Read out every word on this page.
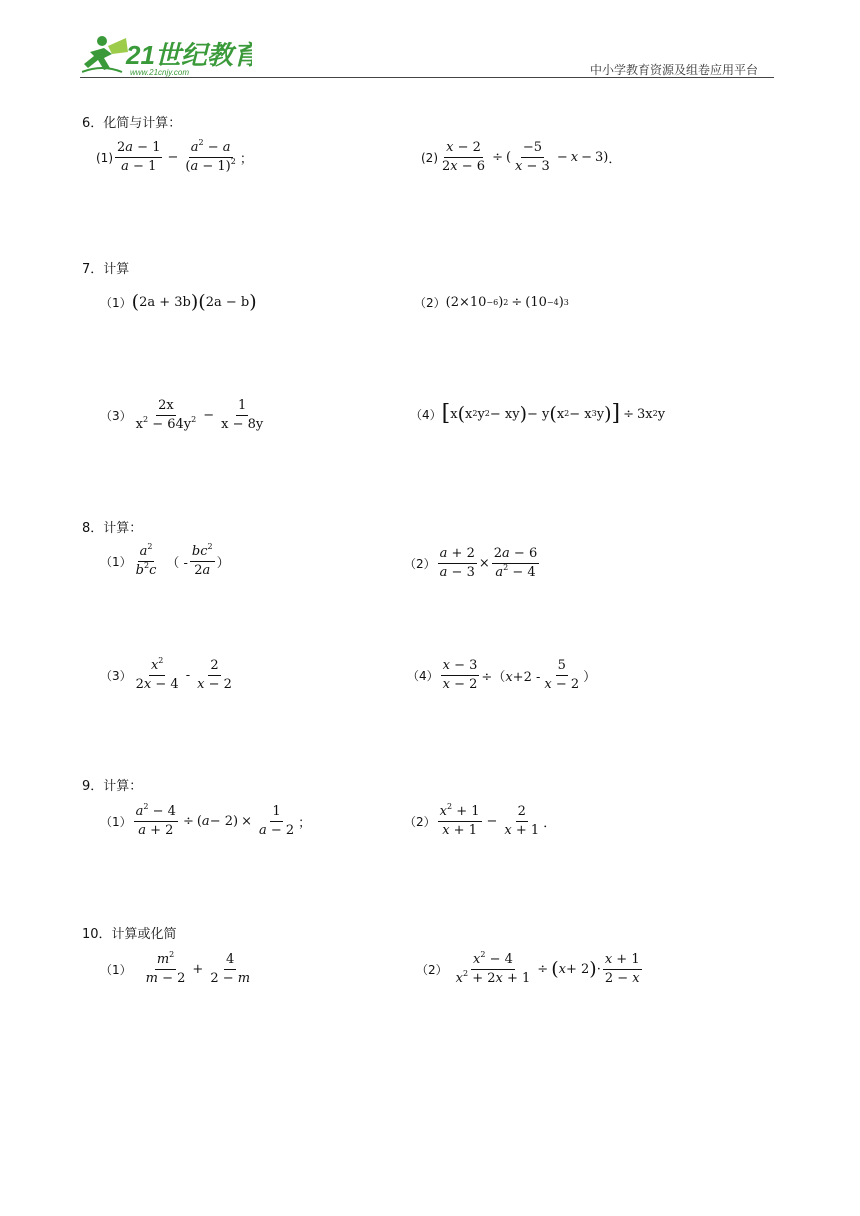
21世纪教育
www.21cnjy.com	中小学教育资源及组卷应用平台
6．化简与计算：
$(1) \frac{2a - 1}{a - 1} - \frac{a^2 - a}{(a - 1)^2}$ ；	$(2) \frac{x - 2}{2x - 6}$ ÷ ( $\frac{-5}{x - 3} - x - 3$) ．
7．计算
（1） ( 2a + 3b ) ( 2a − b )	（2） (2×10 −6 ) 2 ÷ (10 −4 ) 3
$(3) \frac{2x}{x^2 - 64y^2} - \frac{1}{x - 8y}$	（4） [ x ( x 2 y 2 − xy ) − y ( x 2 − x 3 y ) ] ÷ 3x 2 y
8．计算：
$(1) \frac{a^2}{b^2c}$ （ - $\frac{bc^2}{2a}$ ）	$(2) \frac{a + 2}{a - 3} \times \frac{2a - 6}{a^2 - 4}$
$(3) \frac{x^2}{2x - 4} - \frac{2}{x - 2}$	$(4) \frac{x - 3}{x - 2} \div(x+2 - \frac{5}{x - 2}$ ）
9．计算：
$(1) \frac{a^2 - 4}{a + 2}$ ÷ ( $a - 2) \times \frac{1}{a - 2}$ ；	$(2) \frac{x^2 + 1}{x + 1} - \frac{2}{x + 1}$ ．
10．计算或化简
$(1) \frac{m^2}{m - 2} + \frac{4}{2 - m}$	$(2) \frac{x^2 - 4}{x^2 + 2x + 1}$ ÷ ( x + 2 ) · $\frac{x + 1}{2 - x}$
